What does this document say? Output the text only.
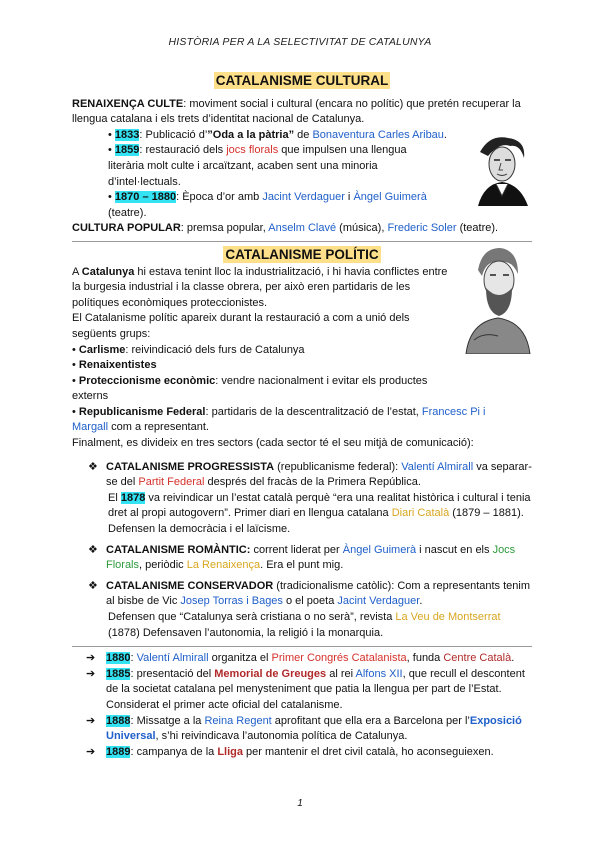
HISTÒRIA PER A LA SELECTIVITAT DE CATALUNYA
CATALANISME CULTURAL

RENAIXENÇA CULTE: moviment social i cultural (encara no polític) que pretén recuperar la llengua catalana i els trets d’identitat nacional de Catalunya.

• 1833: Publicació d’”Oda a la pàtria” de Bonaventura Carles Aribau.

• 1859: restauració dels jocs florals que impulsen una llengua literària molt culte i arcaïtzant, acaben sent una minoria d’intel·lectuals.

• 1870 – 1880: Època d’or amb Jacint Verdaguer i Àngel Guimerà (teatre).

CULTURA POPULAR: premsa popular, Anselm Clavé (música), Frederic Soler (teatre).

CATALANISME POLÍTIC

A Catalunya hi estava tenint lloc la industrialització, i hi havia conflictes entre la burgesia industrial i la classe obrera, per això eren partidaris de les polítiques econòmiques proteccionistes.

El Catalanisme polític apareix durant la restauració a com a unió dels següents grups:

• Carlisme: reivindicació dels furs de Catalunya

• Renaixentistes

• Proteccionisme econòmic: vendre nacionalment i evitar els productes externs

• Republicanisme Federal: partidaris de la descentralització de l’estat, Francesc Pi i Margall com a representant.

Finalment, es divideix en tres sectors (cada sector té el seu mitjà de comunicació):

❖ CATALANISME PROGRESSISTA (republicanisme federal): Valentí Almirall va separar-se del Partit Federal després del fracàs de la Primera República.

El 1878 va reivindicar un l’estat català perquè “era una realitat històrica i cultural i tenia dret al propi autogovern”. Primer diari en llengua catalana Diari Català (1879 – 1881). Defensen la democràcia i el laïcisme.

❖ CATALANISME ROMÀNTIC: corrent liderat per Àngel Guimerà i nascut en els Jocs Florals, periòdic La Renaixença. Era el punt mig.

❖ CATALANISME CONSERVADOR (tradicionalisme catòlic): Com a representants tenim al bisbe de Vic Josep Torras i Bages o el poeta Jacint Verdaguer.

Defensen que “Catalunya serà cristiana o no serà”, revista La Veu de Montserrat (1878) Defensaven l’autonomia, la religió i la monarquia.

➔ 1880: Valentí Almirall organitza el Primer Congrés Catalanista, funda Centre Català.

➔ 1885: presentació del Memorial de Greuges al rei Alfons XII, que recull el descontent de la societat catalana pel menysteniment que patia la llengua per part de l’Estat. Considerat el primer acte oficial del catalanisme.

➔ 1888: Missatge a la Reina Regent aprofitant que ella era a Barcelona per l’Exposició Universal, s’hi reivindicava l’autonomia política de Catalunya.

➔ 1889: campanya de la Lliga per mantenir el dret civil català, ho aconseguiexen.

1
